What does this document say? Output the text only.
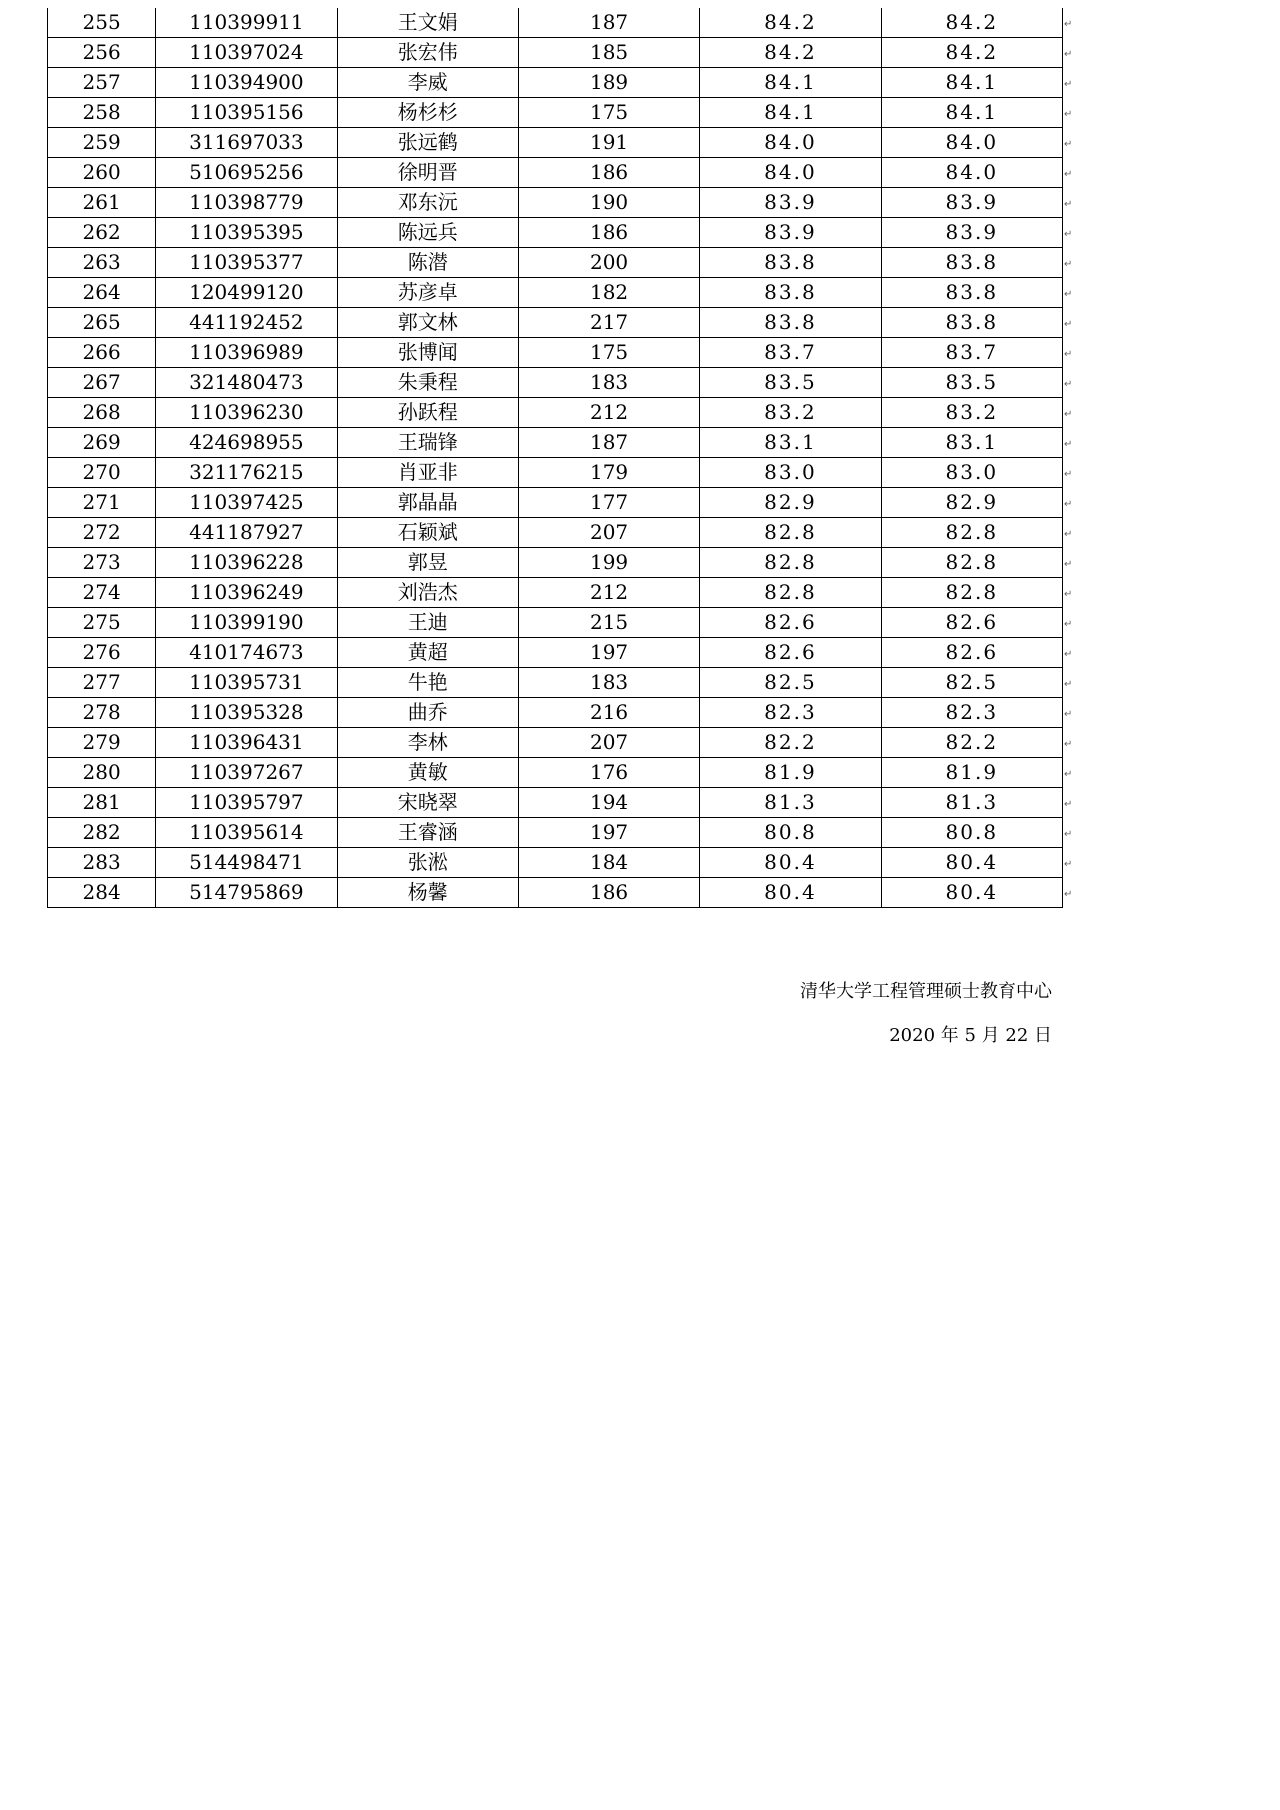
255	110399911	王文娟	187	84.2	84.2
256	110397024	张宏伟	185	84.2	84.2
257	110394900	李威	189	84.1	84.1
258	110395156	杨杉杉	175	84.1	84.1
259	311697033	张远鹤	191	84.0	84.0
260	510695256	徐明晋	186	84.0	84.0
261	110398779	邓东沅	190	83.9	83.9
262	110395395	陈远兵	186	83.9	83.9
263	110395377	陈潜	200	83.8	83.8
264	120499120	苏彦卓	182	83.8	83.8
265	441192452	郭文林	217	83.8	83.8
266	110396989	张博闻	175	83.7	83.7
267	321480473	朱秉程	183	83.5	83.5
268	110396230	孙跃程	212	83.2	83.2
269	424698955	王瑞锋	187	83.1	83.1
270	321176215	肖亚非	179	83.0	83.0
271	110397425	郭晶晶	177	82.9	82.9
272	441187927	石颖斌	207	82.8	82.8
273	110396228	郭昱	199	82.8	82.8
274	110396249	刘浩杰	212	82.8	82.8
275	110399190	王迪	215	82.6	82.6
276	410174673	黄超	197	82.6	82.6
277	110395731	牛艳	183	82.5	82.5
278	110395328	曲乔	216	82.3	82.3
279	110396431	李林	207	82.2	82.2
280	110397267	黄敏	176	81.9	81.9
281	110395797	宋晓翠	194	81.3	81.3
282	110395614	王睿涵	197	80.8	80.8
283	514498471	张淞	184	80.4	80.4
284	514795869	杨馨	186	80.4	80.4
↵
↵
↵
↵
↵
↵
↵
↵
↵
↵
↵
↵
↵
↵
↵
↵
↵
↵
↵
↵
↵
↵
↵
↵
↵
↵
↵
↵
↵
↵
清华大学工程管理硕士教育中心
2020 年 5 月 22 日
